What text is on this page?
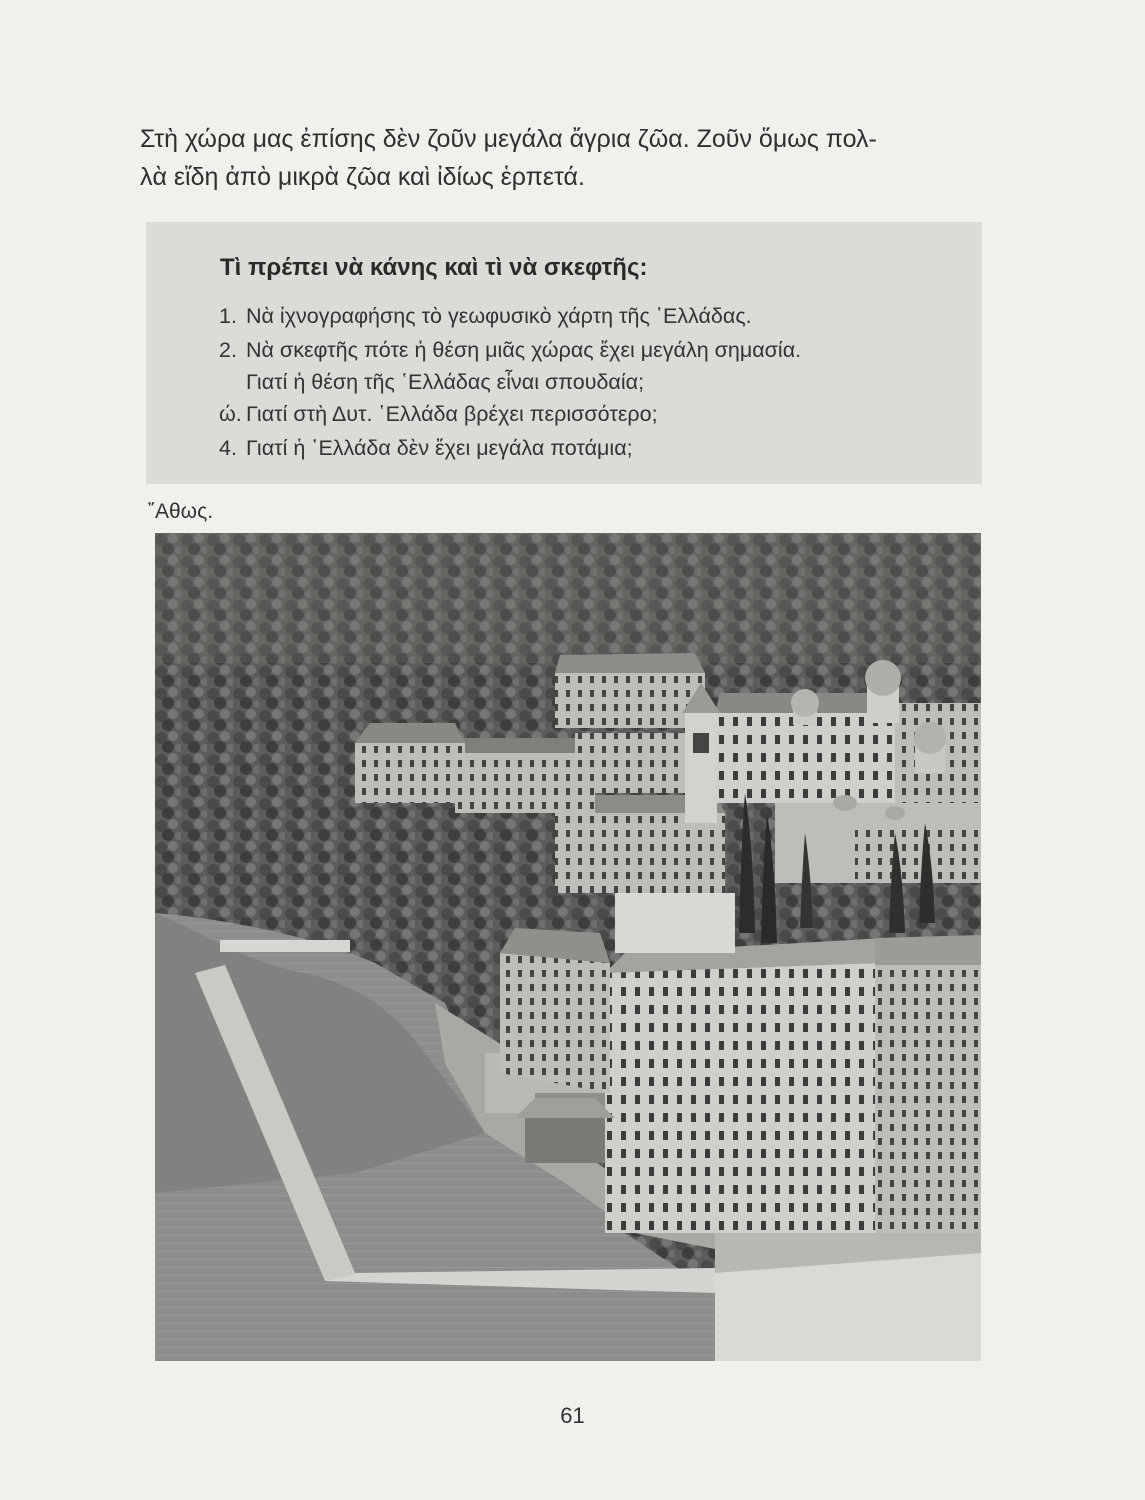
Στὴ χώρα μας ἐπίσης δὲν ζοῦν μεγάλα ἄγρια ζῶα. Ζοῦν ὅμως πολ-

λὰ εἴδη ἀπὸ μικρὰ ζῶα καὶ ἰδίως ἑρπετά.

Τὶ πρέπει νὰ κάνης καὶ τὶ νὰ σκεφτῆς:
1. Νὰ ἰχνογραφήσης τὸ γεωφυσικὸ χάρτη τῆς ῾Ελλάδας.
2. Νὰ σκεφτῆς πότε ἡ θέση μιᾶς χώρας ἔχει μεγάλη σημασία.
Γιατί ἡ θέση τῆς ῾Ελλάδας εἶναι σπουδαία;
ώ. Γιατί στὴ Δυτ. ῾Ελλάδα βρέχει περισσότερο;
4. Γιατί ἡ ῾Ελλάδα δὲν ἔχει μεγάλα ποτάμια;
῎Αθως.
61
